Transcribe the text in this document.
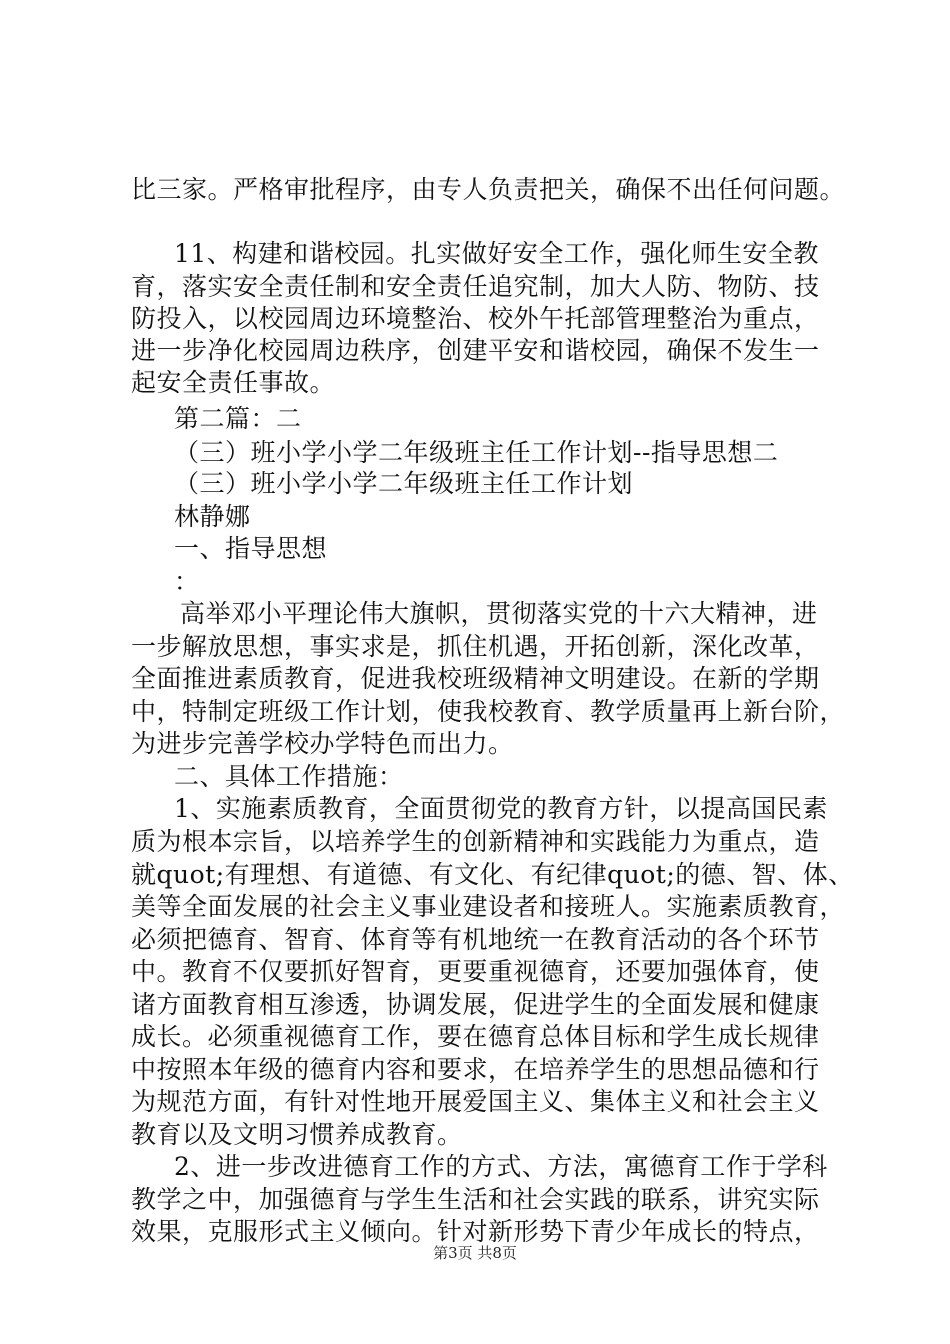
比三家。严格审批程序，由专人负责把关，确保不出任何问题。
11、构建和谐校园。扎实做好安全工作，强化师生安全教
育，落实安全责任制和安全责任追究制，加大人防、物防、技
防投入，以校园周边环境整治、校外午托部管理整治为重点，
进一步净化校园周边秩序，创建平安和谐校园，确保不发生一
起安全责任事故。
第二篇：二
（三）班小学小学二年级班主任工作计划--指导思想二
（三）班小学小学二年级班主任工作计划
林静娜
一、指导思想
：
高举邓小平理论伟大旗帜，贯彻落实党的十六大精神，进
一步解放思想，事实求是，抓住机遇，开拓创新，深化改革，
全面推进素质教育，促进我校班级精神文明建设。在新的学期
中，特制定班级工作计划，使我校教育、教学质量再上新台阶，
为进步完善学校办学特色而出力。
二、具体工作措施：
1、实施素质教育，全面贯彻党的教育方针，以提高国民素
质为根本宗旨，以培养学生的创新精神和实践能力为重点，造
就quot;有理想、有道德、有文化、有纪律quot;的德、智、体、
美等全面发展的社会主义事业建设者和接班人。实施素质教育，
必须把德育、智育、体育等有机地统一在教育活动的各个环节
中。教育不仅要抓好智育，更要重视德育，还要加强体育，使
诸方面教育相互渗透，协调发展，促进学生的全面发展和健康
成长。必须重视德育工作，要在德育总体目标和学生成长规律
中按照本年级的德育内容和要求，在培养学生的思想品德和行
为规范方面，有针对性地开展爱国主义、集体主义和社会主义
教育以及文明习惯养成教育。
2、进一步改进德育工作的方式、方法，寓德育工作于学科
教学之中，加强德育与学生生活和社会实践的联系，讲究实际
效果，克服形式主义倾向。针对新形势下青少年成长的特点，
第3页 共8页
